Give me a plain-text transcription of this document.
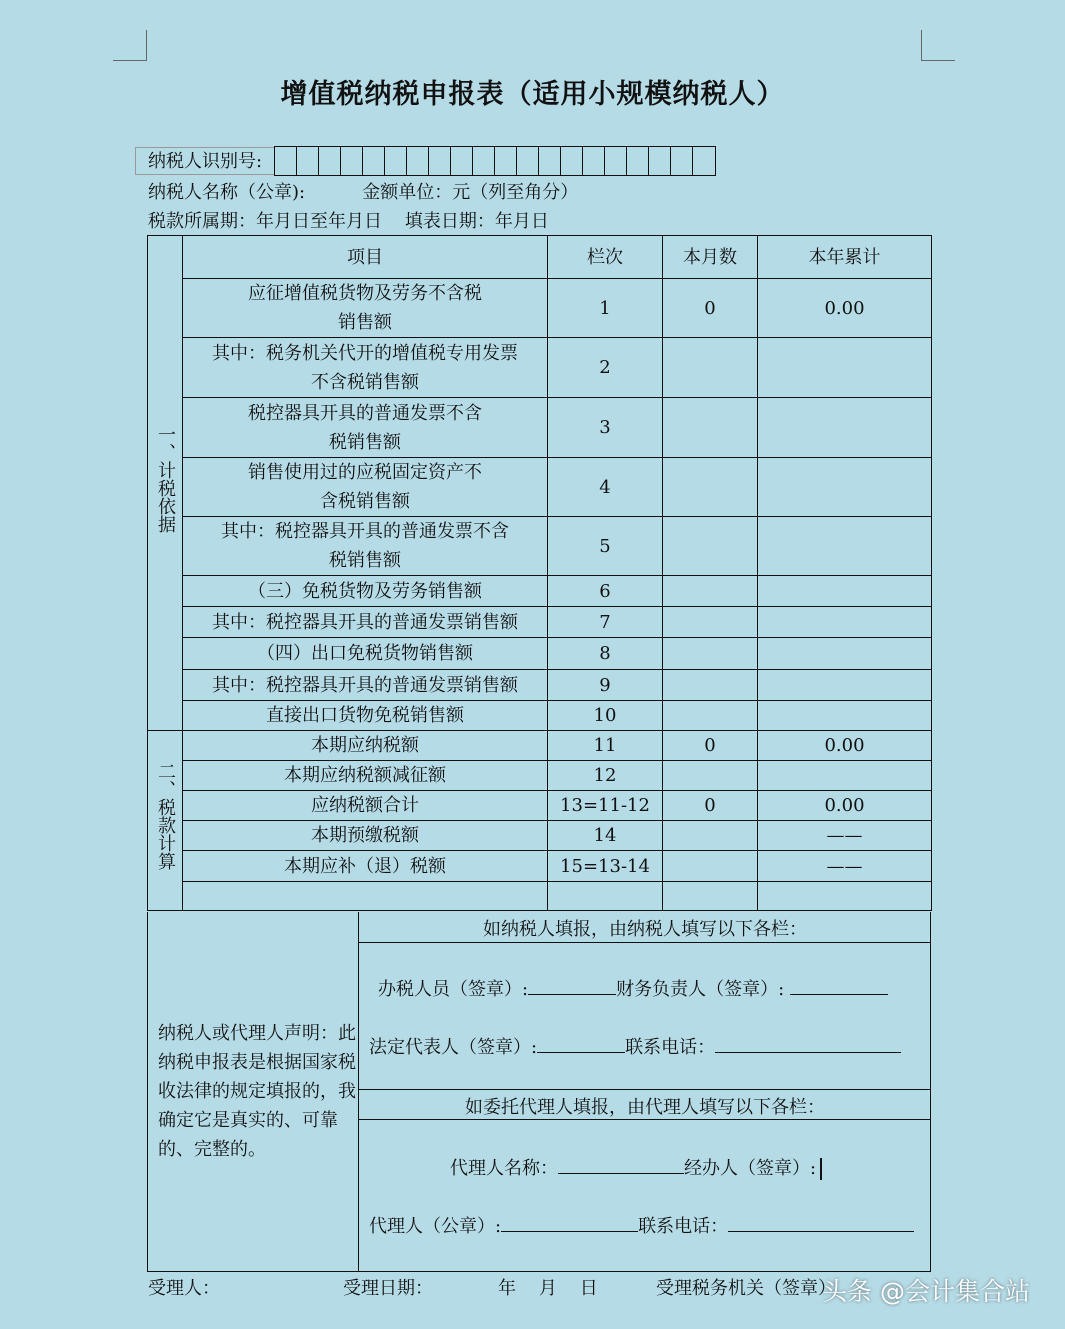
增值税纳税申报表（适用小规模纳税人）
纳税人识别号:
纳税人名称（公章):          金额单位：元（列至角分）
税款所属期：年月日至年月日    填表日期：年月日
一、计税依据	项目	栏次	本月数	本年累计
	应征增值税货物及劳务不含税
销售额	1	0	0.00
	其中：税务机关代开的增值税专用发票
不含税销售额	2		
	税控器具开具的普通发票不含
税销售额	3		
	销售使用过的应税固定资产不
含税销售额	4		
	其中：税控器具开具的普通发票不含
税销售额	5		
	（三）免税货物及劳务销售额	6		
	其中：税控器具开具的普通发票销售额	7		
	（四）出口免税货物销售额	8		
	其中：税控器具开具的普通发票销售额	9		
	直接出口货物免税销售额	10		
二、税款计算	本期应纳税额	11	0	0.00
	本期应纳税额减征额	12		
	应纳税额合计	13=11-12	0	0.00
	本期预缴税额	14		——
	本期应补（退）税额	15=13-14		——

纳税人或代理人声明：此纳税申报表是根据国家税收法律的规定填报的，我确定它是真实的、可靠的、完整的。
如纳税人填报，由纳税人填写以下各栏：
办税人员（签章）:	财务负责人（签章）:
法定代表人（签章）:	联系电话：
如委托代理人填报，由代理人填写以下各栏：
代理人名称：	经办人（签章）:
代理人（公章）:	联系电话：
受理人：	受理日期：	年    月    日	受理税务机关（签章）
头条 @会计集合站
